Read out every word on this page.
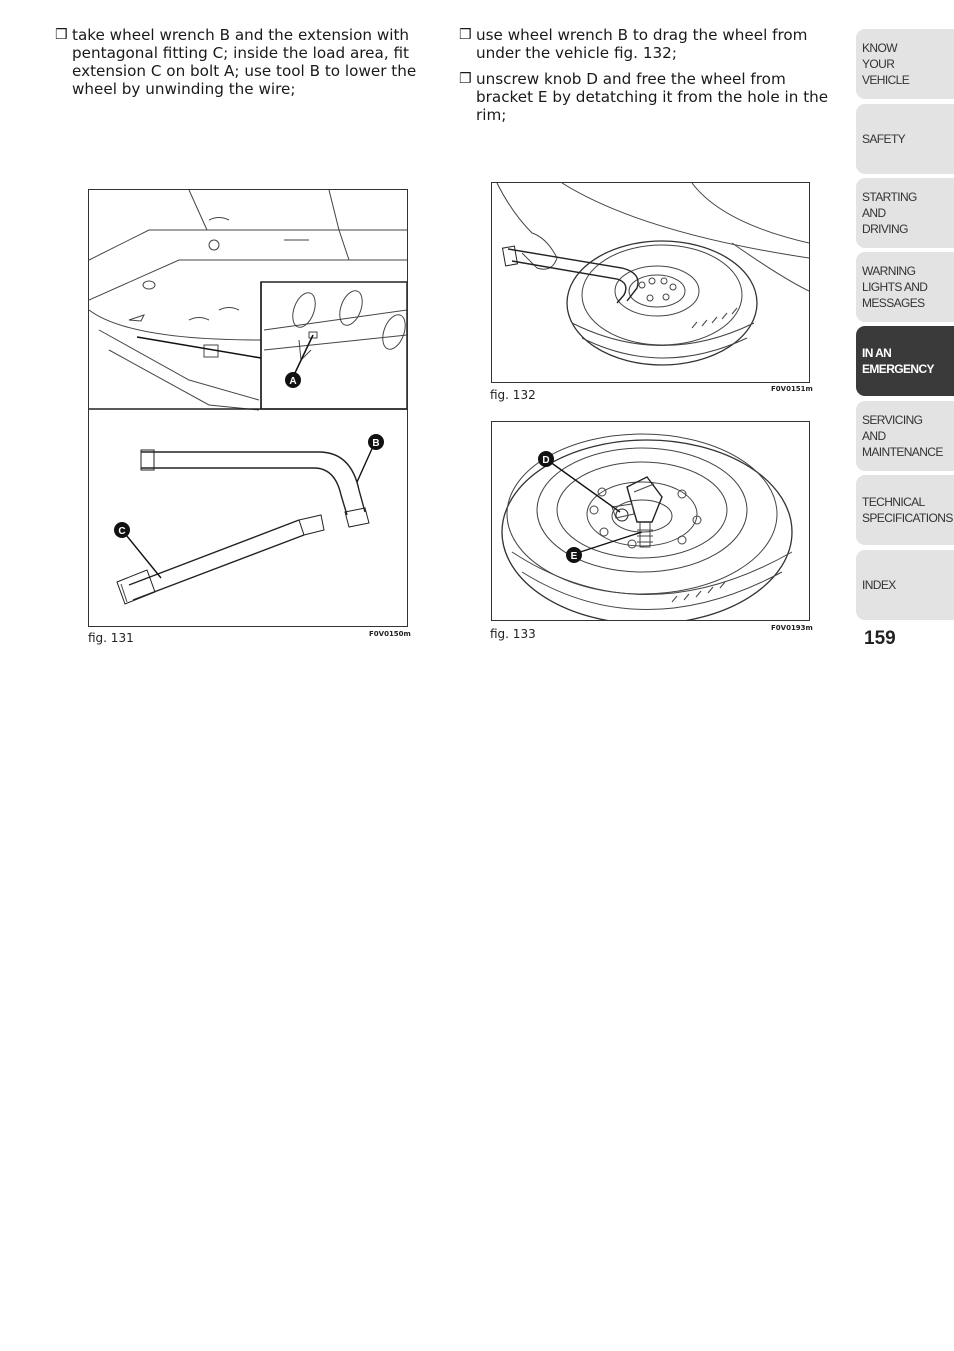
❒ take wheel wrench B and the extension with pentagonal fitting C; inside the load area, fit extension C on bolt A; use tool B to lower the wheel by unwinding the wire;
❒ use wheel wrench B to drag the wheel from under the vehicle fig. 132;
❒ unscrew knob D and free the wheel from bracket E by detatching it from the hole in the rim;
A
B
C
fig. 131	F0V0150m
fig. 132	F0V0151m
D
E
fig. 133	F0V0193m
KNOW
YOUR
VEHICLE
SAFETY
STARTING
AND
DRIVING
WARNING
LIGHTS AND
MESSAGES
IN AN
EMERGENCY
SERVICING
AND
MAINTENANCE
TECHNICAL
SPECIFICATIONS
INDEX
159
